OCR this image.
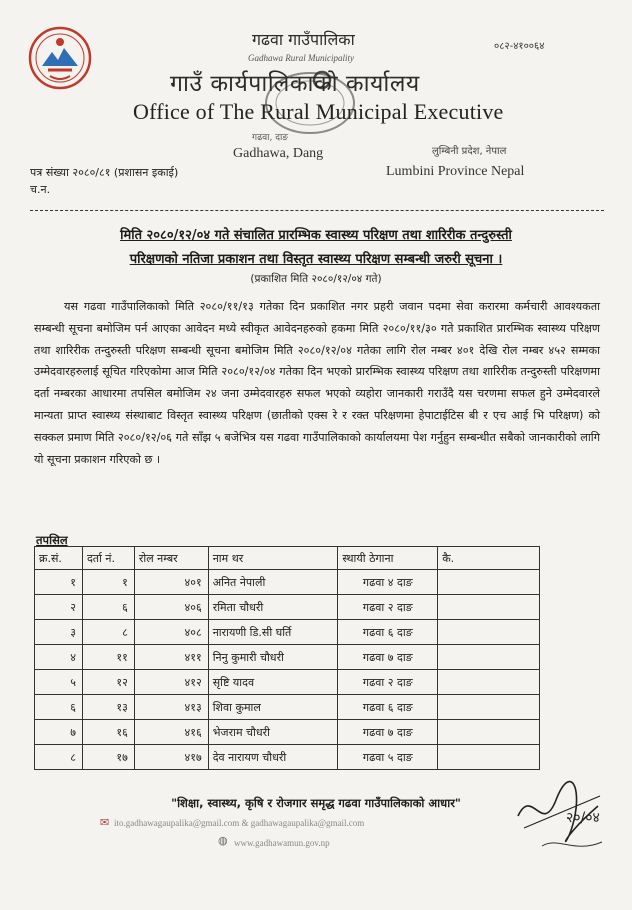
गढवा गाउँपालिका
Gadhawa Rural Municipality
०८२-४१००६४
गाउँ कार्यपालिकाको कार्यालय
Office of The Rural Municipal Executive
गढवा, दाङ
Gadhawa, Dang	लुम्बिनी प्रदेश, नेपाल
Lumbini Province Nepal
पत्र संख्या २०८०/८१ (प्रशासन इकाई)
च.न.
मिति २०८०/१२/०४ गते संचालित प्रारम्भिक स्वास्थ्य परिक्षण तथा शारिरीक तन्दुरुस्ती
परिक्षणको नतिजा प्रकाशन तथा विस्तृत स्वास्थ्य परिक्षण सम्बन्धी जरुरी सूचना ।
(प्रकाशित मिति २०८०/१२/०४ गते)
यस गढवा गाउँपालिकाको मिति २०८०/११/१३ गतेका दिन प्रकाशित नगर प्रहरी जवान पदमा सेवा करारमा कर्मचारी आवश्यकता सम्बन्धी सूचना बमोजिम पर्न आएका आवेदन मध्ये स्वीकृत आवेदनहरुको हकमा मिति २०८०/११/३० गते प्रकाशित प्रारम्भिक स्वास्थ्य परिक्षण तथा शारिरीक तन्दुरुस्ती परिक्षण सम्बन्धी सूचना बमोजिम मिति २०८०/१२/०४ गतेका लागि रोल नम्बर ४०१ देखि रोल नम्बर ४५२ सम्मका उम्मेदवारहरुलाई सूचित गरिएकोमा आज मिति २०८०/१२/०४ गतेका दिन भएको प्रारम्भिक स्वास्थ्य परिक्षण तथा शारिरीक तन्दुरुस्ती परिक्षणमा दर्ता नम्बरका आधारमा तपसिल बमोजिम २४ जना उम्मेदवारहरु सफल भएको व्यहोरा जानकारी गराउँदै यस चरणमा सफल हुने उम्मेदवारले मान्यता प्राप्त स्वास्थ्य संस्थाबाट विस्तृत स्वास्थ्य परिक्षण (छातीको एक्स रे र रक्त परिक्षणमा हेपाटाईटिस बी र एच आई भि परिक्षण) को सक्कल प्रमाण मिति २०८०/१२/०६ गते साँझ ५ बजेभित्र यस गढवा गाउँपालिकाको कार्यालयमा पेश गर्नुहुन सम्बन्धीत सबैको जानकारीको लागि यो सूचना प्रकाशन गरिएको छ ।
तपसिल
क्र.सं.	दर्ता नं.	रोल नम्बर	नाम थर	स्थायी ठेगाना	कै.
१	१	४०१	अनित नेपाली	गढवा ४ दाङ	
२	६	४०६	रमिता चौधरी	गढवा २ दाङ	
३	८	४०८	नारायणी डि.सी घर्ति	गढवा ६ दाङ	
४	११	४११	निनु कुमारी चौधरी	गढवा ७ दाङ	
५	१२	४१२	सृष्टि यादव	गढवा २ दाङ	
६	१३	४१३	शिवा कुमाल	गढवा ६ दाङ	
७	१६	४१६	भेजराम चौधरी	गढवा ७ दाङ	
८	१७	४१७	देव नारायण चौधरी	गढवा ५ दाङ	
"शिक्षा, स्वास्थ्य, कृषि र रोजगार समृद्ध गढवा गाउँपालिकाको आधार"
✉ ito.gadhawagaupalika@gmail.com & gadhawagaupalika@gmail.com
◍ www.gadhawamun.gov.np
२०/०४
